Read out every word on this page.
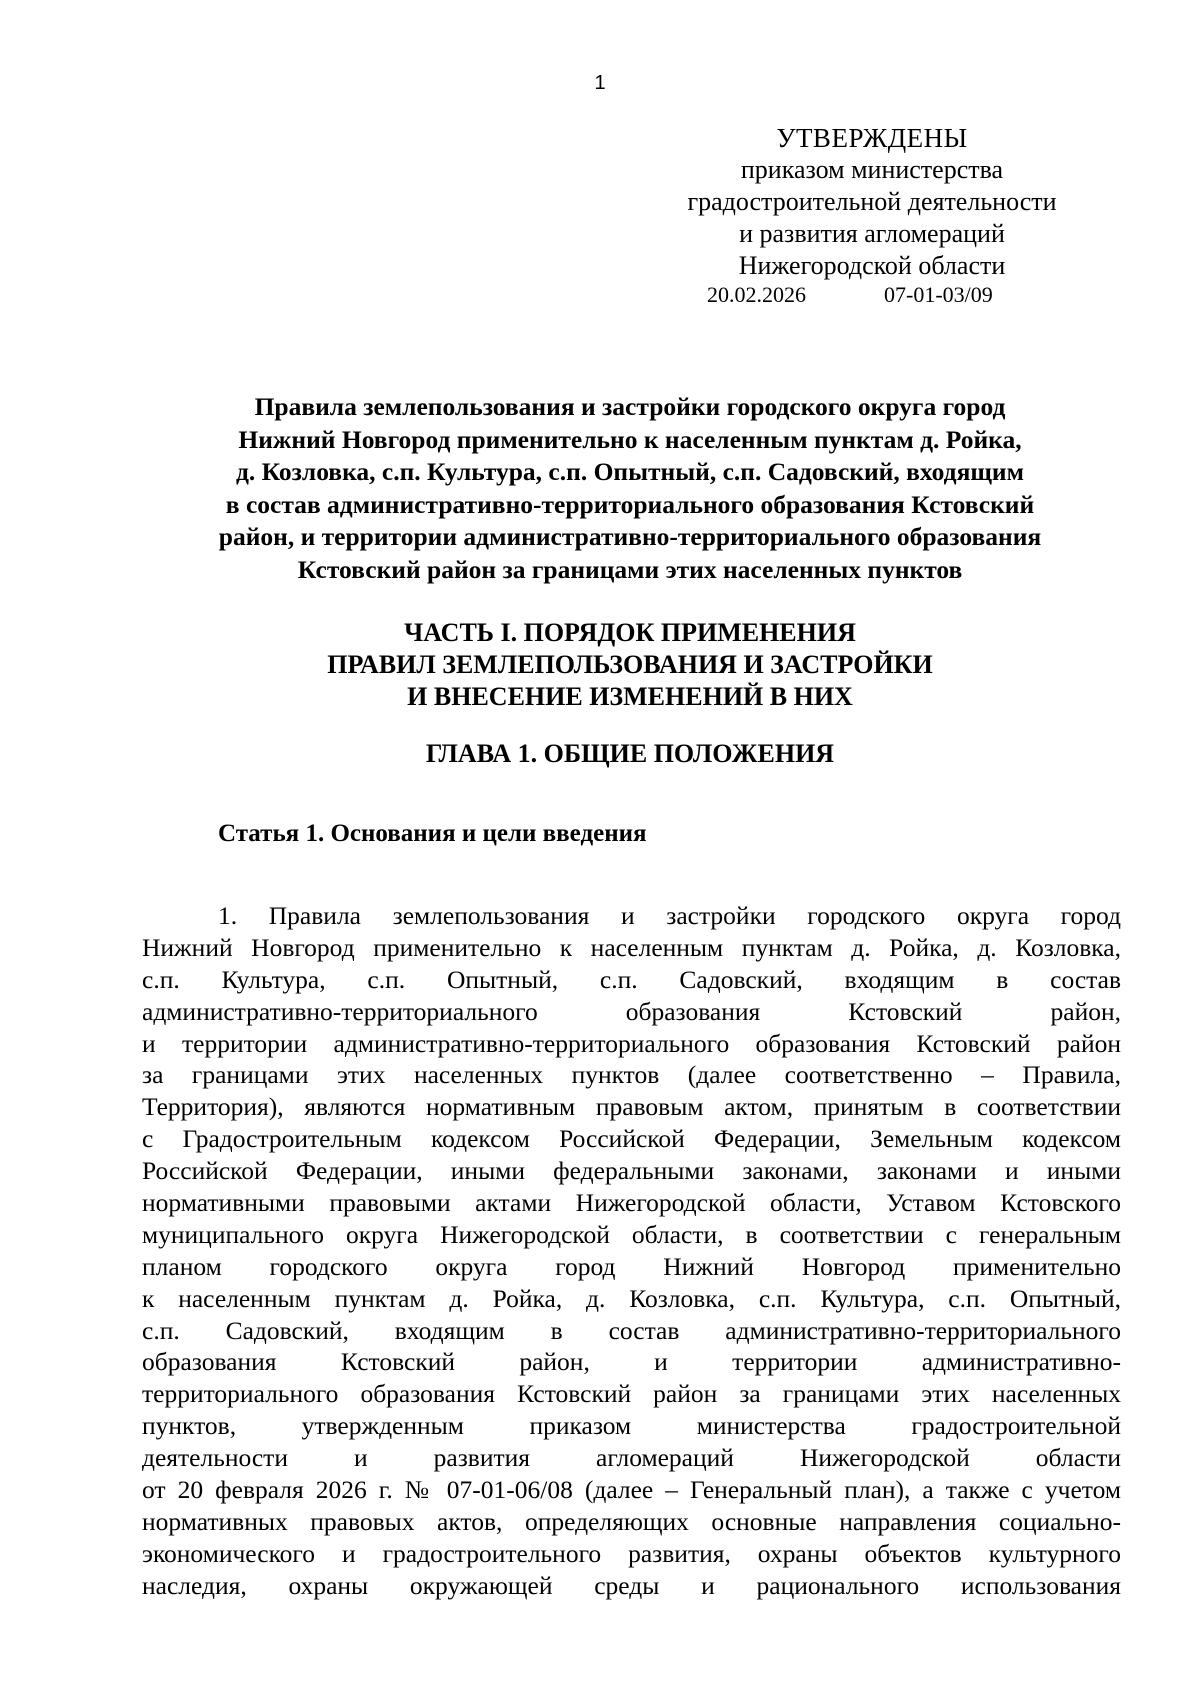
1
УТВЕРЖДЕНЫ
приказом министерства
градостроительной деятельности
и развития агломераций
Нижегородской области
20.02.2026	07-01-03/09
Правила землепользования и застройки городского округа город
Нижний Новгород применительно к населенным пунктам д. Ройка,
д. Козловка, с.п. Культура, с.п. Опытный, с.п. Садовский, входящим
в состав административно-территориального образования Кстовский
район, и территории административно-территориального образования
Кстовский район за границами этих населенных пунктов
ЧАСТЬ I. ПОРЯДОК ПРИМЕНЕНИЯ
ПРАВИЛ ЗЕМЛЕПОЛЬЗОВАНИЯ И ЗАСТРОЙКИ
И ВНЕСЕНИЕ ИЗМЕНЕНИЙ В НИХ
ГЛАВА 1. ОБЩИЕ ПОЛОЖЕНИЯ
Статья 1. Основания и цели введения
1. Правила землепользования и застройки городского округа город
Нижний Новгород применительно к населенным пунктам д. Ройка, д. Козловка,
с.п. Культура, с.п. Опытный, с.п. Садовский, входящим в состав
административно-территориального образования Кстовский район,
и территории административно-территориального образования Кстовский район
за границами этих населенных пунктов (далее соответственно – Правила,
Территория), являются нормативным правовым актом, принятым в соответствии
с Градостроительным кодексом Российской Федерации, Земельным кодексом
Российской Федерации, иными федеральными законами, законами и иными
нормативными правовыми актами Нижегородской области, Уставом Кстовского
муниципального округа Нижегородской области, в соответствии с генеральным
планом городского округа город Нижний Новгород применительно
к населенным пунктам д. Ройка, д. Козловка, с.п. Культура, с.п. Опытный,
с.п. Садовский, входящим в состав административно-территориального
образования Кстовский район, и территории административно-
территориального образования Кстовский район за границами этих населенных
пунктов, утвержденным приказом министерства градостроительной
деятельности и развития агломераций Нижегородской области
от 20 февраля 2026 г. № 07-01-06/08 (далее – Генеральный план), а также с учетом
нормативных правовых актов, определяющих основные направления социально-
экономического и градостроительного развития, охраны объектов культурного
наследия, охраны окружающей среды и рационального использования
